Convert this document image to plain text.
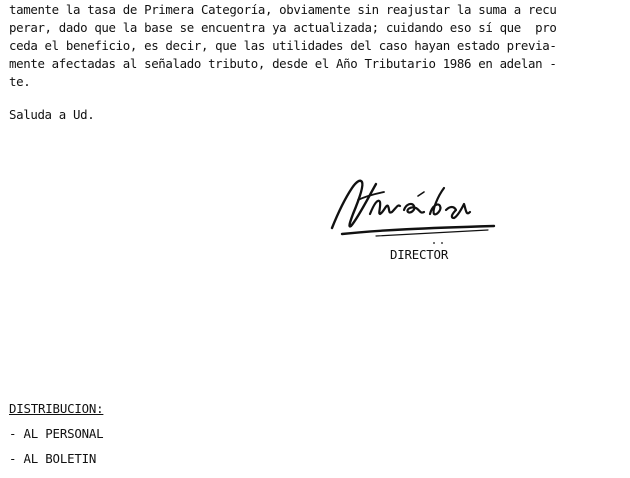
tamente la tasa de Primera Categoría, obviamente sin reajustar la suma a recu
perar, dado que la base se encuentra ya actualizada; cuidando eso sí que  pro
ceda el beneficio, es decir, que las utilidades del caso hayan estado previa-
mente afectadas al señalado tributo, desde el Año Tributario 1986 en adelan -
te.
Saluda a Ud.
DIRECTOR
DISTRIBUCION:
- AL PERSONAL
- AL BOLETIN
